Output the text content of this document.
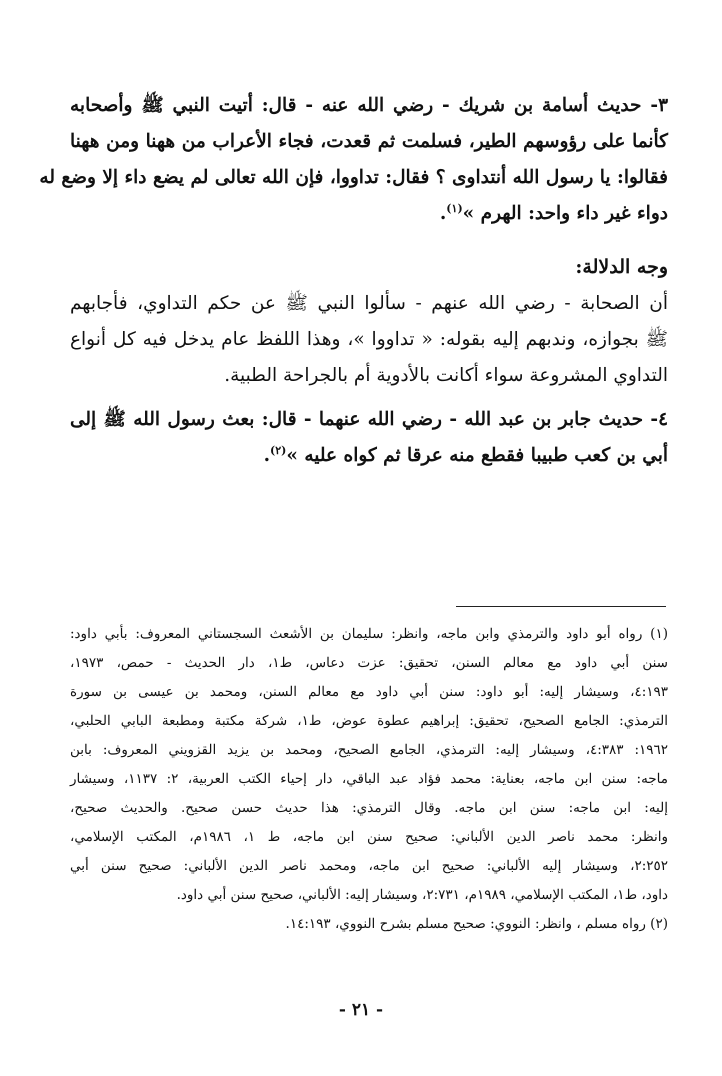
٣- حديث أسامة بن شريك - رضي الله عنه - قال: أتيت النبي ﷺ وأصحابه
كأنما على رؤوسهم الطير، فسلمت ثم قعدت، فجاء الأعراب من ههنا ومن ههنا
فقالوا: يا رسول الله أنتداوى ؟ فقال: تداووا، فإن الله تعالى لم يضع داء إلا وضع له
دواء غير داء واحد: الهرم »$^{(١)}$.
وجه الدلالة:
أن الصحابة - رضي الله عنهم - سألوا النبي ﷺ عن حكم التداوي، فأجابهم
ﷺ بجوازه، وندبهم إليه بقوله: « تداووا »، وهذا اللفظ عام يدخل فيه كل أنواع
التداوي المشروعة سواء أكانت بالأدوية أم بالجراحة الطبية.
٤- حديث جابر بن عبد الله - رضي الله عنهما - قال: بعث رسول الله ﷺ إلى
أبي بن كعب طبيبا فقطع منه عرقا ثم كواه عليه »$^{(٢)}$.
(١) رواه أبو داود والترمذي وابن ماجه، وانظر: سليمان بن الأشعث السجستاني المعروف: بأبي داود:
سنن أبي داود مع معالم السنن، تحقيق: عزت دعاس، ط١، دار الحديث - حمص، ١٩٧٣،
٤:١٩٣، وسيشار إليه: أبو داود: سنن أبي داود مع معالم السنن، ومحمد بن عيسى بن سورة
الترمذي: الجامع الصحيح، تحقيق: إبراهيم عطوة عوض، ط١، شركة مكتبة ومطبعة البابي الحلبي،
١٩٦٢: ٤:٣٨٣، وسيشار إليه: الترمذي، الجامع الصحيح، ومحمد بن يزيد القزويني المعروف: بابن
ماجه: سنن ابن ماجه، بعناية: محمد فؤاد عبد الباقي، دار إحياء الكتب العربية، ٢: ١١٣٧، وسيشار
إليه: ابن ماجه: سنن ابن ماجه. وقال الترمذي: هذا حديث حسن صحيح. والحديث صحيح،
وانظر: محمد ناصر الدين الألباني: صحيح سنن ابن ماجه، ط ١، ١٩٨٦م، المكتب الإسلامي،
٢:٢٥٢، وسيشار إليه الألباني: صحيح ابن ماجه، ومحمد ناصر الدين الألباني: صحيح سنن أبي
داود، ط١، المكتب الإسلامي، ١٩٨٩م، ٢:٧٣١، وسيشار إليه: الألباني، صحيح سنن أبي داود.
(٢) رواه مسلم ، وانظر: النووي: صحيح مسلم بشرح النووي، ١٤:١٩٣.
- ٢١ -
